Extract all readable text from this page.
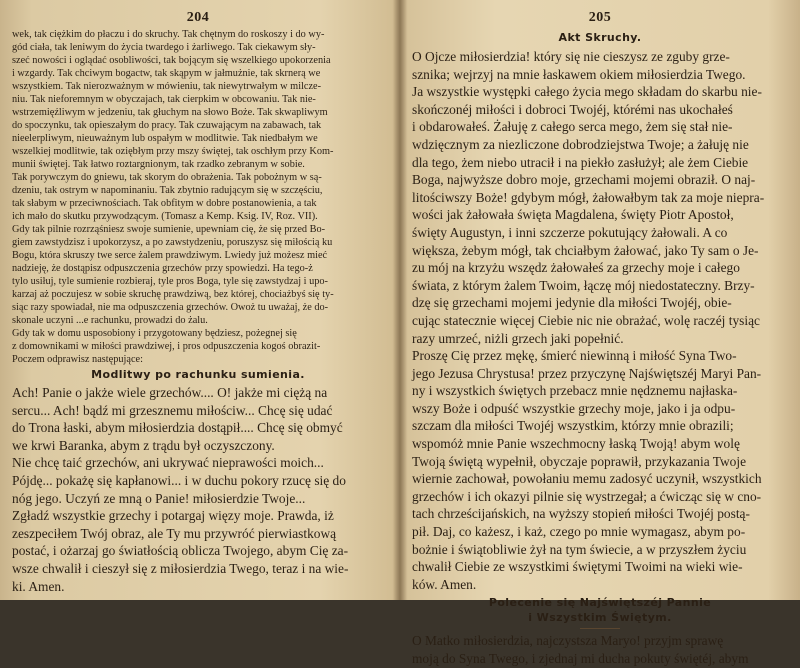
204
wek, tak ciężkim do płaczu i do skruchy. Tak chętnym do roskoszy i do wy-
gód ciała, tak leniwym do życia twardego i żarliwego. Tak ciekawym sły-
szeć nowości i oglądać osobliwości, tak bojącym się wszelkiego upokorzenia
i wzgardy. Tak chciwym bogactw, tak skąpym w jałmużnie, tak skrnerą we
wszystkiem. Tak nierozważnym w mówieniu, tak niewytrwałym w milcze-
niu. Tak nieforemnym w obyczajach, tak cierpkim w obcowaniu. Tak nie-
wstrzemięźliwym w jedzeniu, tak głuchym na słowo Boże. Tak skwapliwym
do spoczynku, tak opieszałym do pracy. Tak czuwającym na zabawach, tak
nieelerpliwym, nieuważnym lub ospałym w modlitwie. Tak niedbałym we
wszelkiej modlitwie, tak oziębłym przy mszy świętej, tak oschłym przy Kom-
munii świętej. Tak łatwo roztargnionym, tak rzadko zebranym w sobie.
Tak porywczym do gniewu, tak skorym do obrażenia. Tak pobożnym w są-
dzeniu, tak ostrym w napominaniu. Tak zbytnio radującym się w szczęściu,
tak słabym w przeciwnościach. Tak obfitym w dobre postanowienia, a tak
ich mało do skutku przywodzącym. (Tomasz a Kemp. Ksig. IV, Roz. VII).
Gdy tak pilnie rozrząśniesz swoje sumienie, upewniam cię, że się przed Bo-
giem zawstydzisz i upokorzysz, a po zawstydzeniu, poruszysz się miłością ku
Bogu, która skruszy twe serce żalem prawdziwym. Lwiedy już możesz mieć
nadzieję, że dostąpisz odpuszczenia grzechów przy spowiedzi. Ha tego-ż
tylo usiłuj, tyle sumienie rozbieraj, tyle pros Boga, tyle się zawstydzaj i upo-
karzaj aż poczujesz w sobie skruchę prawdziwą, bez której, chociażbyś się ty-
siąc razy spowiadał, nie ma odpuszczenia grzechów. Owoż tu uważaj, że do-
skonale uczyni ...e rachunku, prowadzi do żalu.
Gdy tak w domu usposobiony i przygotowany będziesz, pożegnej się
z domownikami w miłości prawdziwej, i pros odpuszczenia kogoś obrazit-
Poczem odprawisz następujące:
Modlitwy po rachunku sumienia.
Ach! Panie o jakże wiele grzechów.... O! jakże mi ciężą na
sercu... Ach! bądź mi grzesznemu miłościw... Chcę się udać
do Trona łaski, abym miłosierdzia dostąpił.... Chcę się obmyć
we krwi Baranka, abym z trądu był oczyszczony.
Nie chcę taić grzechów, ani ukrywać nieprawości moich...
Pójdę... pokażę się kapłanowi... i w duchu pokory rzucę się do
nóg jego. Uczyń ze mną o Panie! miłosierdzie Twoje...
Zgładź wszystkie grzechy i potargaj więzy moje. Prawda, iż
zeszpeciłem Twój obraz, ale Ty mu przywróć pierwiastkową
postać, i ożarzaj go światłością oblicza Twojego, abym Cię za-
wsze chwalił i cieszył się z miłosierdzia Twego, teraz i na wie-
ki. Amen.
205
Akt Skruchy.
O Ojcze miłosierdzia! który się nie cieszysz ze zguby grze-
sznika; wejrzyj na mnie łaskawem okiem miłosierdzia Twego.
Ja wszystkie występki całego życia mego składam do skarbu nie-
skończonéj miłości i dobroci Twojéj, którémi nas ukochałeś
i obdarowałeś. Żałuję z całego serca mego, żem się stał nie-
wdzięcznym za niezliczone dobrodziejstwa Twoje; a żałuję nie
dla tego, żem niebo utracił i na piekło zasłużył; ale żem Ciebie
Boga, najwyższe dobro moje, grzechami mojemi obraził. O naj-
litościwszy Boże! gdybym mógł, żałowałbym tak za moje niepra-
wości jak żałowała święta Magdalena, święty Piotr Apostoł,
święty Augustyn, i inni szczerze pokutujący żałowali. A co
większa, żebym mógł, tak chciałbym żałować, jako Ty sam o Je-
zu mój na krzyżu wszędz żałowałeś za grzechy moje i całego
świata, z którym żalem Twoim, łączę mój niedostateczny. Brzy-
dzę się grzechami mojemi jedynie dla miłości Twojéj, obie-
cując statecznie więcej Ciebie nic nie obrażać, wolę raczéj tysiąc
razy umrzeć, niżli grzech jaki popełnić.
Proszę Cię przez mękę, śmierć niewinną i miłość Syna Two-
jego Jezusa Chrystusa! przez przyczynę Najświętszéj Maryi Pan-
ny i wszystkich świętych przebacz mnie nędznemu najłaska-
wszy Boże i odpuść wszystkie grzechy moje, jako i ja odpu-
szczam dla miłości Twojéj wszystkim, którzy mnie obrazili;
wspomóż mnie Panie wszechmocny łaską Twoją! abym wolę
Twoją świętą wypełnił, obyczaje poprawił, przykazania Twoje
wiernie zachował, powołaniu memu zadosyć uczynił, wszystkich
grzechów i ich okazyi pilnie się wystrzegał; a ćwicząc się w cno-
tach chrześcijańskich, na wyższy stopień miłości Twojéj postą-
pił. Daj, co każesz, i każ, czego po mnie wymagasz, abym po-
bożnie i świątobliwie żył na tym świecie, a w przyszłem życiu
chwalił Ciebie ze wszystkimi świętymi Twoimi na wieki wie-
ków. Amen.
Polecenie się Najświętszéj Pannie
i Wszystkim Świętym.
O Matko miłosierdzia, najczystsza Maryo! przyjm sprawę
moją do Syna Twego, i zjednaj mi ducha pokuty świętéj, abym
